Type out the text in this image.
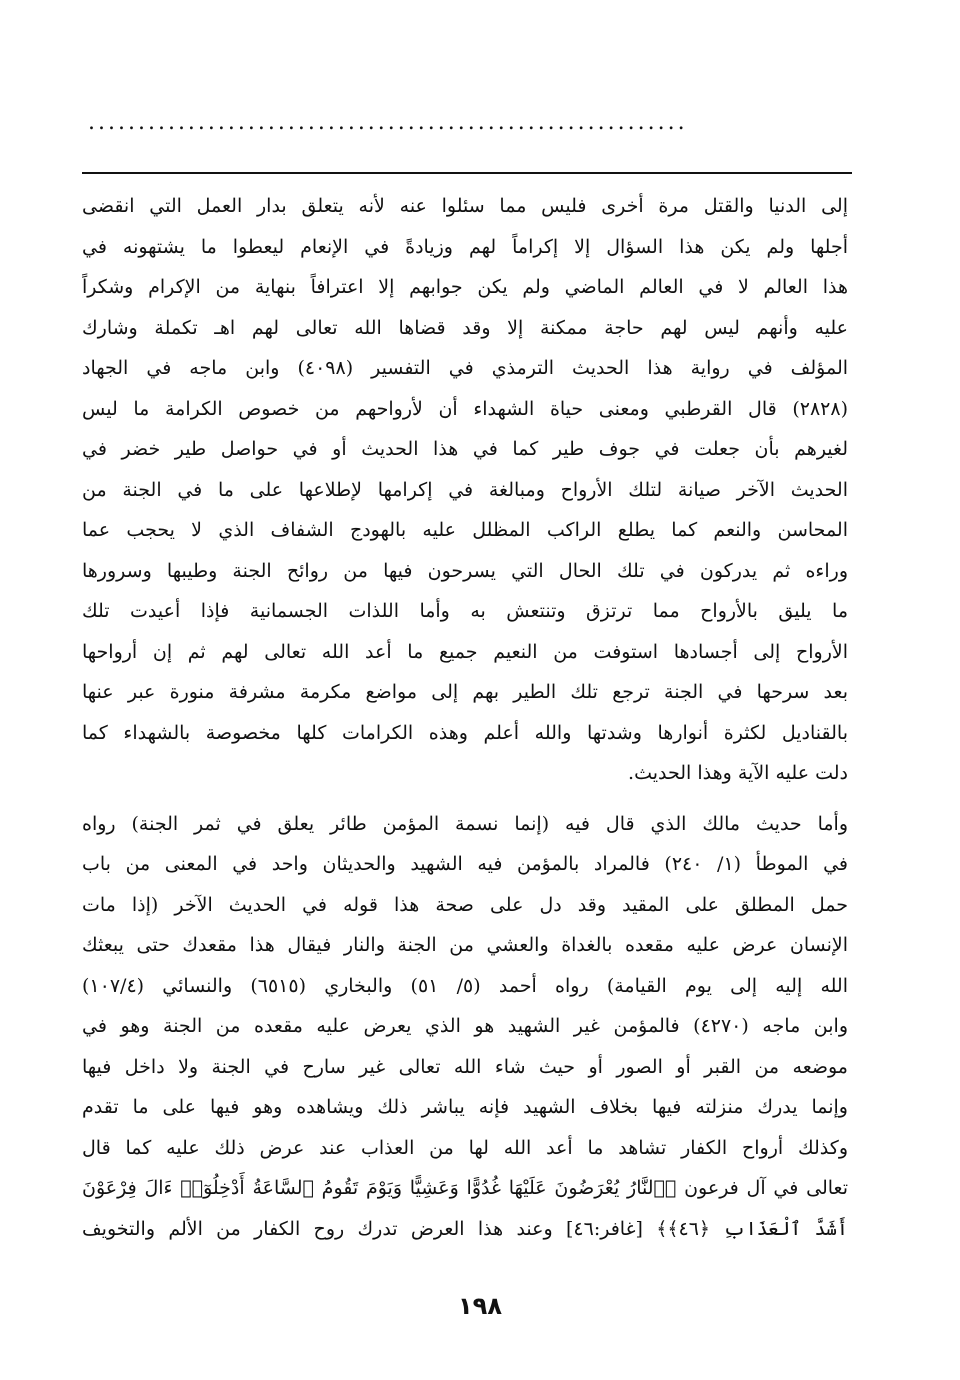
............................................................
إلى الدنيا والقتل مرة أخرى فليس مما سئلوا عنه لأنه يتعلق بدار العمل التي انقضى
أجلها ولم يكن هذا السؤال إلا إكراماً لهم وزيادةً في الإنعام ليعطوا ما يشتهونه في
هذا العالم لا في العالم الماضي ولم يكن جوابهم إلا اعترافاً بنهاية من الإكرام وشكراً
عليه وأنهم ليس لهم حاجة ممكنة إلا وقد قضاها الله تعالى لهم اهـ تكملة وشارك
المؤلف في رواية هذا الحديث الترمذي في التفسير (٤٠٩٨) وابن ماجه في الجهاد
(٢٨٢٨) قال القرطبي ومعنى حياة الشهداء أن لأرواحهم من خصوص الكرامة ما ليس
لغيرهم بأن جعلت في جوف طير كما في هذا الحديث أو في حواصل طير خضر في
الحديث الآخر صيانة لتلك الأرواح ومبالغة في إكرامها لإطلاعها على ما في الجنة من
المحاسن والنعم كما يطلع الراكب المظلل عليه بالهودج الشفاف الذي لا يحجب عما
وراءه ثم يدركون في تلك الحال التي يسرحون فيها من روائح الجنة وطيبها وسرورها
ما يليق بالأرواح مما ترتزق وتنتعش به وأما اللذات الجسمانية فإذا أعيدت تلك
الأرواح إلى أجسادها استوفت من النعيم جميع ما أعد الله تعالى لهم ثم إن أرواحها
بعد سرحها في الجنة ترجع تلك الطير بهم إلى مواضع مكرمة مشرفة منورة عبر عنها
بالقناديل لكثرة أنوارها وشدتها والله أعلم وهذه الكرامات كلها مخصوصة بالشهداء كما
دلت عليه الآية وهذا الحديث.
وأما حديث مالك الذي قال فيه (إنما نسمة المؤمن طائر يعلق في ثمر الجنة) رواه
في الموطأ (١/ ٢٤٠) فالمراد بالمؤمن فيه الشهيد والحديثان واحد في المعنى من باب
حمل المطلق على المقيد وقد دل على صحة هذا قوله في الحديث الآخر (إذا مات
الإنسان عرض عليه مقعده بالغداة والعشي من الجنة والنار فيقال هذا مقعدك حتى يبعثك
الله إليه إلى يوم القيامة) رواه أحمد (٥/ ٥١) والبخاري (٦٥١٥) والنسائي (١٠٧/٤)
وابن ماجه (٤٢٧٠) فالمؤمن غير الشهيد هو الذي يعرض عليه مقعده من الجنة وهو في
موضعه من القبر أو الصور أو حيث شاء الله تعالى غير سارح في الجنة ولا داخل فيها
وإنما يدرك منزلته فيها بخلاف الشهيد فإنه يباشر ذلك ويشاهده وهو فيها على ما تقدم
وكذلك أرواح الكفار تشاهد ما أعد الله لها من العذاب عند عرض ذلك عليه كما قال
تعالى في آل فرعون ﴿ٱلنَّارُ يُعْرَضُونَ عَلَيْهَا غُدُوًّا وَعَشِيًّا وَيَوْمَ تَقُومُ ٱلسَّاعَةُ أَدْخِلُوٓا۟ ءَالَ فِرْعَوْنَ
أَشَدَّ ٱلْعَذَابِ ﴿٤٦﴾﴾ [غافر:٤٦] وعند هذا العرض تدرك روح الكفار من الألم والتخويف
١٩٨
